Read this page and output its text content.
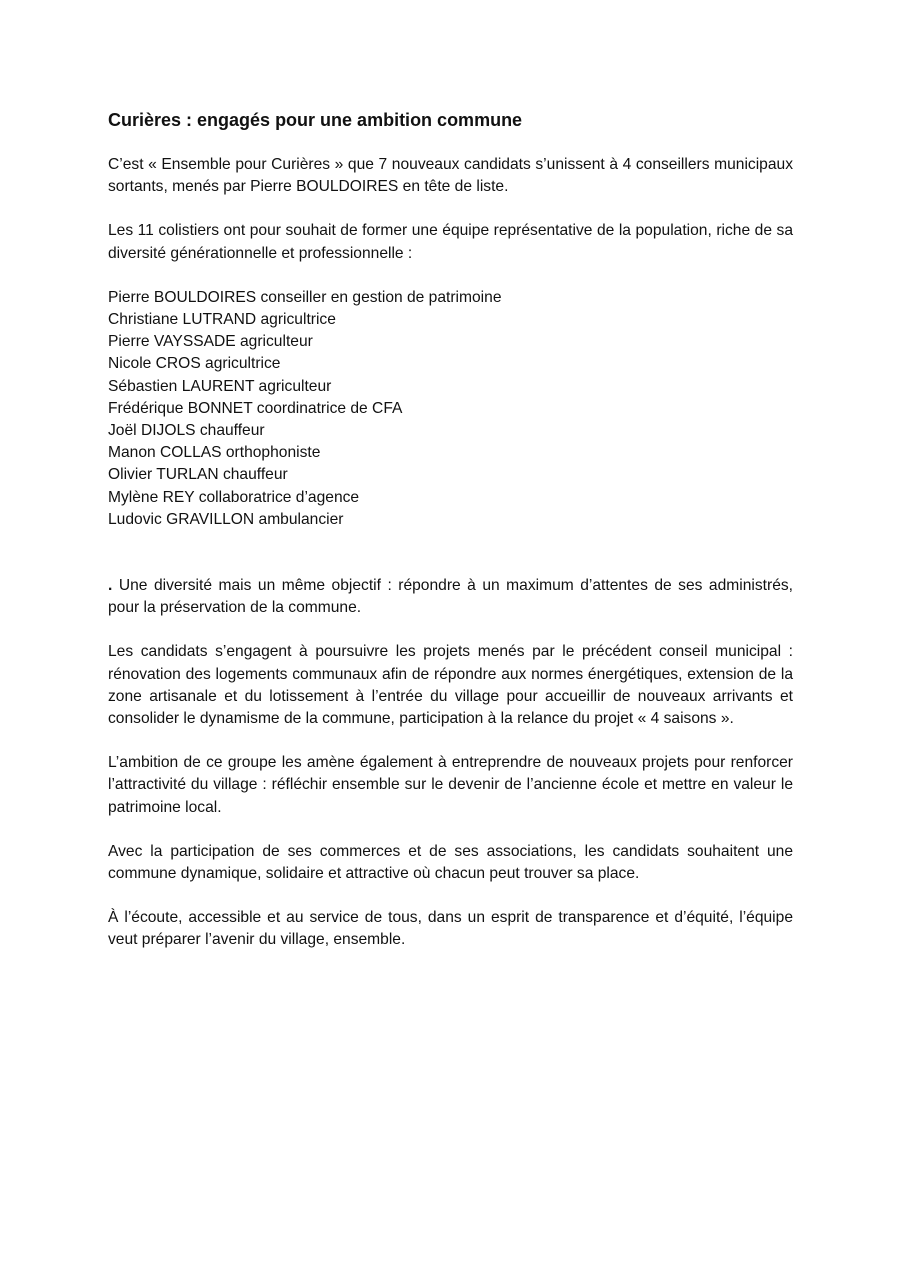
Curières : engagés pour une ambition commune

C’est « Ensemble pour Curières » que 7 nouveaux candidats s’unissent à 4 conseillers municipaux sortants, menés par Pierre BOULDOIRES en tête de liste.

Les 11 colistiers ont pour souhait de former une équipe représentative de la population, riche de sa diversité générationnelle et professionnelle :

Pierre BOULDOIRES conseiller en gestion de patrimoine
Christiane LUTRAND agricultrice
Pierre VAYSSADE agriculteur
Nicole CROS agricultrice
Sébastien LAURENT agriculteur
Frédérique BONNET coordinatrice de CFA
Joël DIJOLS chauffeur
Manon COLLAS orthophoniste
Olivier TURLAN chauffeur
Mylène REY collaboratrice d’agence
Ludovic GRAVILLON ambulancier

. Une diversité mais un même objectif : répondre à un maximum d’attentes de ses administrés, pour la préservation de la commune.

Les candidats s’engagent à poursuivre les projets menés par le précédent conseil municipal : rénovation des logements communaux afin de répondre aux normes énergétiques, extension de la zone artisanale et du lotissement à l’entrée du village pour accueillir de nouveaux arrivants et consolider le dynamisme de la commune, participation à la relance du projet « 4 saisons ».

L’ambition de ce groupe les amène également à entreprendre de nouveaux projets pour renforcer l’attractivité du village : réfléchir ensemble sur le devenir de l’ancienne école et mettre en valeur le patrimoine local.

Avec la participation de ses commerces et de ses associations, les candidats souhaitent une commune dynamique, solidaire et attractive où chacun peut trouver sa place.

À l’écoute, accessible et au service de tous, dans un esprit de transparence et d’équité, l’équipe veut préparer l’avenir du village, ensemble.
